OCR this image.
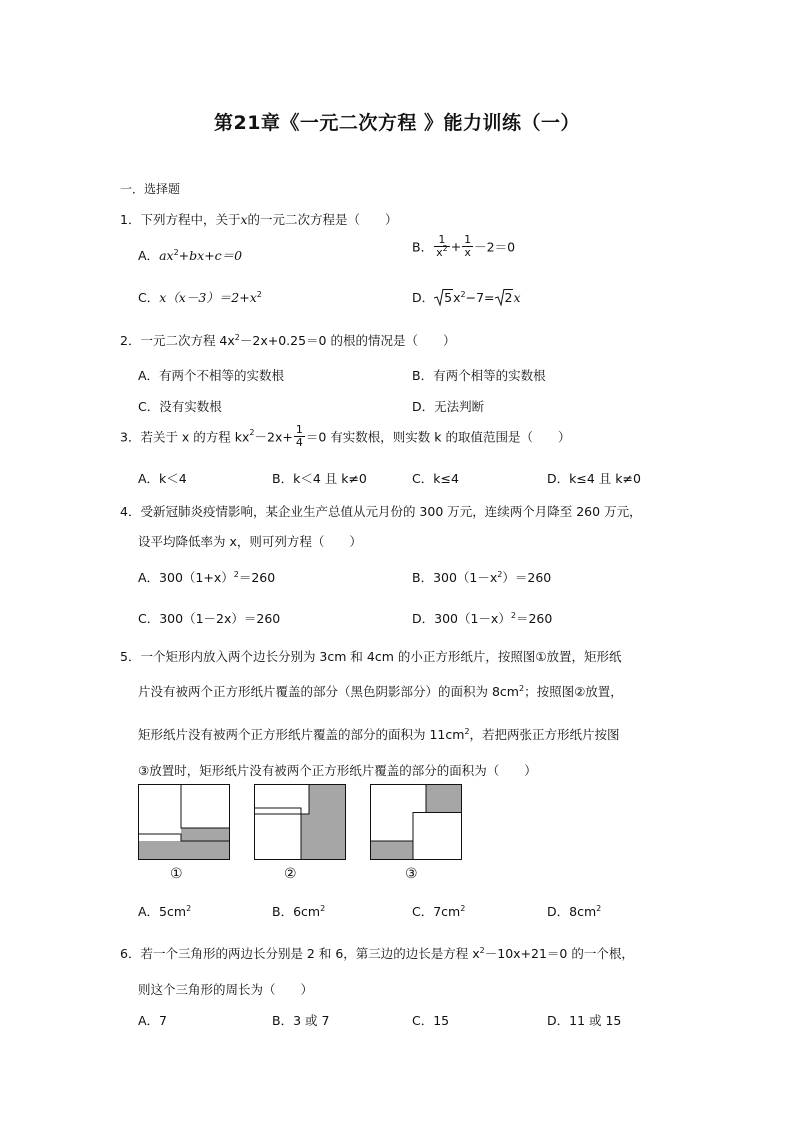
第21章《一元二次方程 》能力训练（一）
一．选择题
1．下列方程中，关于x的一元二次方程是（　　）
A．$ax^2+bx+c=0$
B． $\frac{1}{x^2} + \frac{1}{x} -2=0$
C．$x(x-3)=2+x^2$	D． $5x^2-7= 2x$
2．一元二次方程 $4x^2-2x+0.25=0$ 的根的情况是（　　）
A．有两个不相等的实数根	B．有两个相等的实数根
C．没有实数根	D．无法判断
3．若关于 x 的方程 $kx^2-2x+ \frac{1}{4} =0$ 有实数根，则实数 k 的取值范围是（　　）
A．k＜4	B．k＜4 且 k≠0	C．k≤4	D．k≤4 且 k≠0
4．受新冠肺炎疫情影响，某企业生产总值从元月份的 300 万元，连续两个月降至 260 万元，
设平均降低率为 x，则可列方程（　　）
A．$300(1+x)^2=260$	B．$300(1-x^2)=260$
C．300（1－2x）＝260	D．$300(1-x)^2=260$
5．一个矩形内放入两个边长分别为 3cm 和 4cm 的小正方形纸片，按照图①放置，矩形纸
片没有被两个正方形纸片覆盖的部分（黑色阴影部分）的面积为 $8cm^2$；按照图②放置，
矩形纸片没有被两个正方形纸片覆盖的部分的面积为 $11cm^2$，若把两张正方形纸片按图
③放置时，矩形纸片没有被两个正方形纸片覆盖的部分的面积为（　　）
①	②	③
A．$5cm^2$	B．$6cm^2$	C．$7cm^2$	D．$8cm^2$
6．若一个三角形的两边长分别是 2 和 6，第三边的边长是方程 $x^2-10x+21=0$ 的一个根，
则这个三角形的周长为（　　）
A．7	B．3 或 7	C．15	D．11 或 15
